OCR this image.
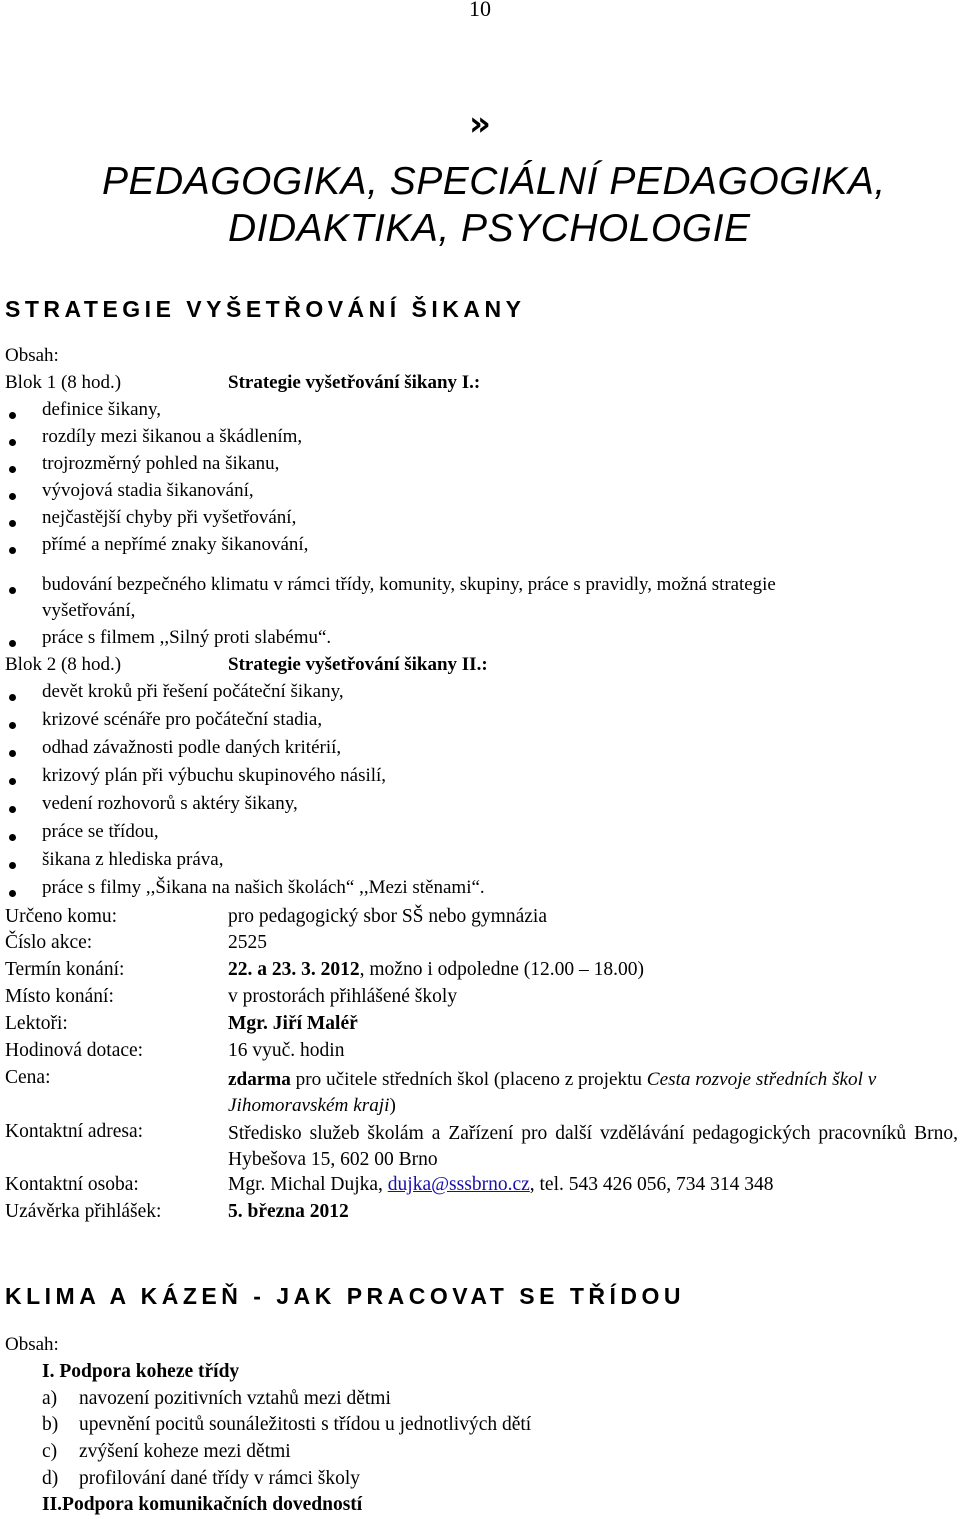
10
»
PEDAGOGIKA, SPECIÁLNÍ PEDAGOGIKA,
DIDAKTIKA, PSYCHOLOGIE
STRATEGIE VYŠETŘOVÁNÍ ŠIKANY
Obsah:
Blok 1 (8 hod.)	Strategie vyšetřování šikany I.:
definice šikany,
rozdíly mezi šikanou a škádlením,
trojrozměrný pohled na šikanu,
vývojová stadia šikanování,
nejčastější chyby při vyšetřování,
přímé a nepřímé znaky šikanování,
budování bezpečného klimatu v rámci třídy, komunity, skupiny, práce s pravidly, možná strategie
vyšetřování,
práce s filmem ,,Silný proti slabému“.
Blok 2 (8 hod.)	Strategie vyšetřování šikany II.:
devět kroků při řešení počáteční šikany,
krizové scénáře pro počáteční stadia,
odhad závažnosti podle daných kritérií,
krizový plán při výbuchu skupinového násilí,
vedení rozhovorů s aktéry šikany,
práce se třídou,
šikana z hlediska práva,
práce s filmy ,,Šikana na našich školách“ ,,Mezi stěnami“.
Určeno komu:	pro pedagogický sbor SŠ nebo gymnázia
Číslo akce:	2525
Termín konání:	22. a 23. 3. 2012, možno i odpoledne (12.00 – 18.00)
Místo konání:	v prostorách přihlášené školy
Lektoři:	Mgr. Jiří Maléř
Hodinová dotace:	16 vyuč. hodin
Cena:	zdarma pro učitele středních škol (placeno z projektu Cesta rozvoje středních škol v Jihomoravském kraji)
Kontaktní adresa:	Středisko služeb školám a Zařízení pro další vzdělávání pedagogických pracovníků Brno, Hybešova 15, 602 00 Brno
Kontaktní osoba:	Mgr. Michal Dujka, dujka@sssbrno.cz, tel. 543 426 056, 734 314 348
Uzávěrka přihlášek:	5. března 2012
KLIMA A KÁZEŇ - JAK PRACOVAT SE TŘÍDOU
Obsah:
I. Podpora koheze třídy
a) navození pozitivních vztahů mezi dětmi
b) upevnění pocitů sounáležitosti s třídou u jednotlivých dětí
c) zvýšení koheze mezi dětmi
d) profilování dané třídy v rámci školy
II.Podpora komunikačních dovedností
